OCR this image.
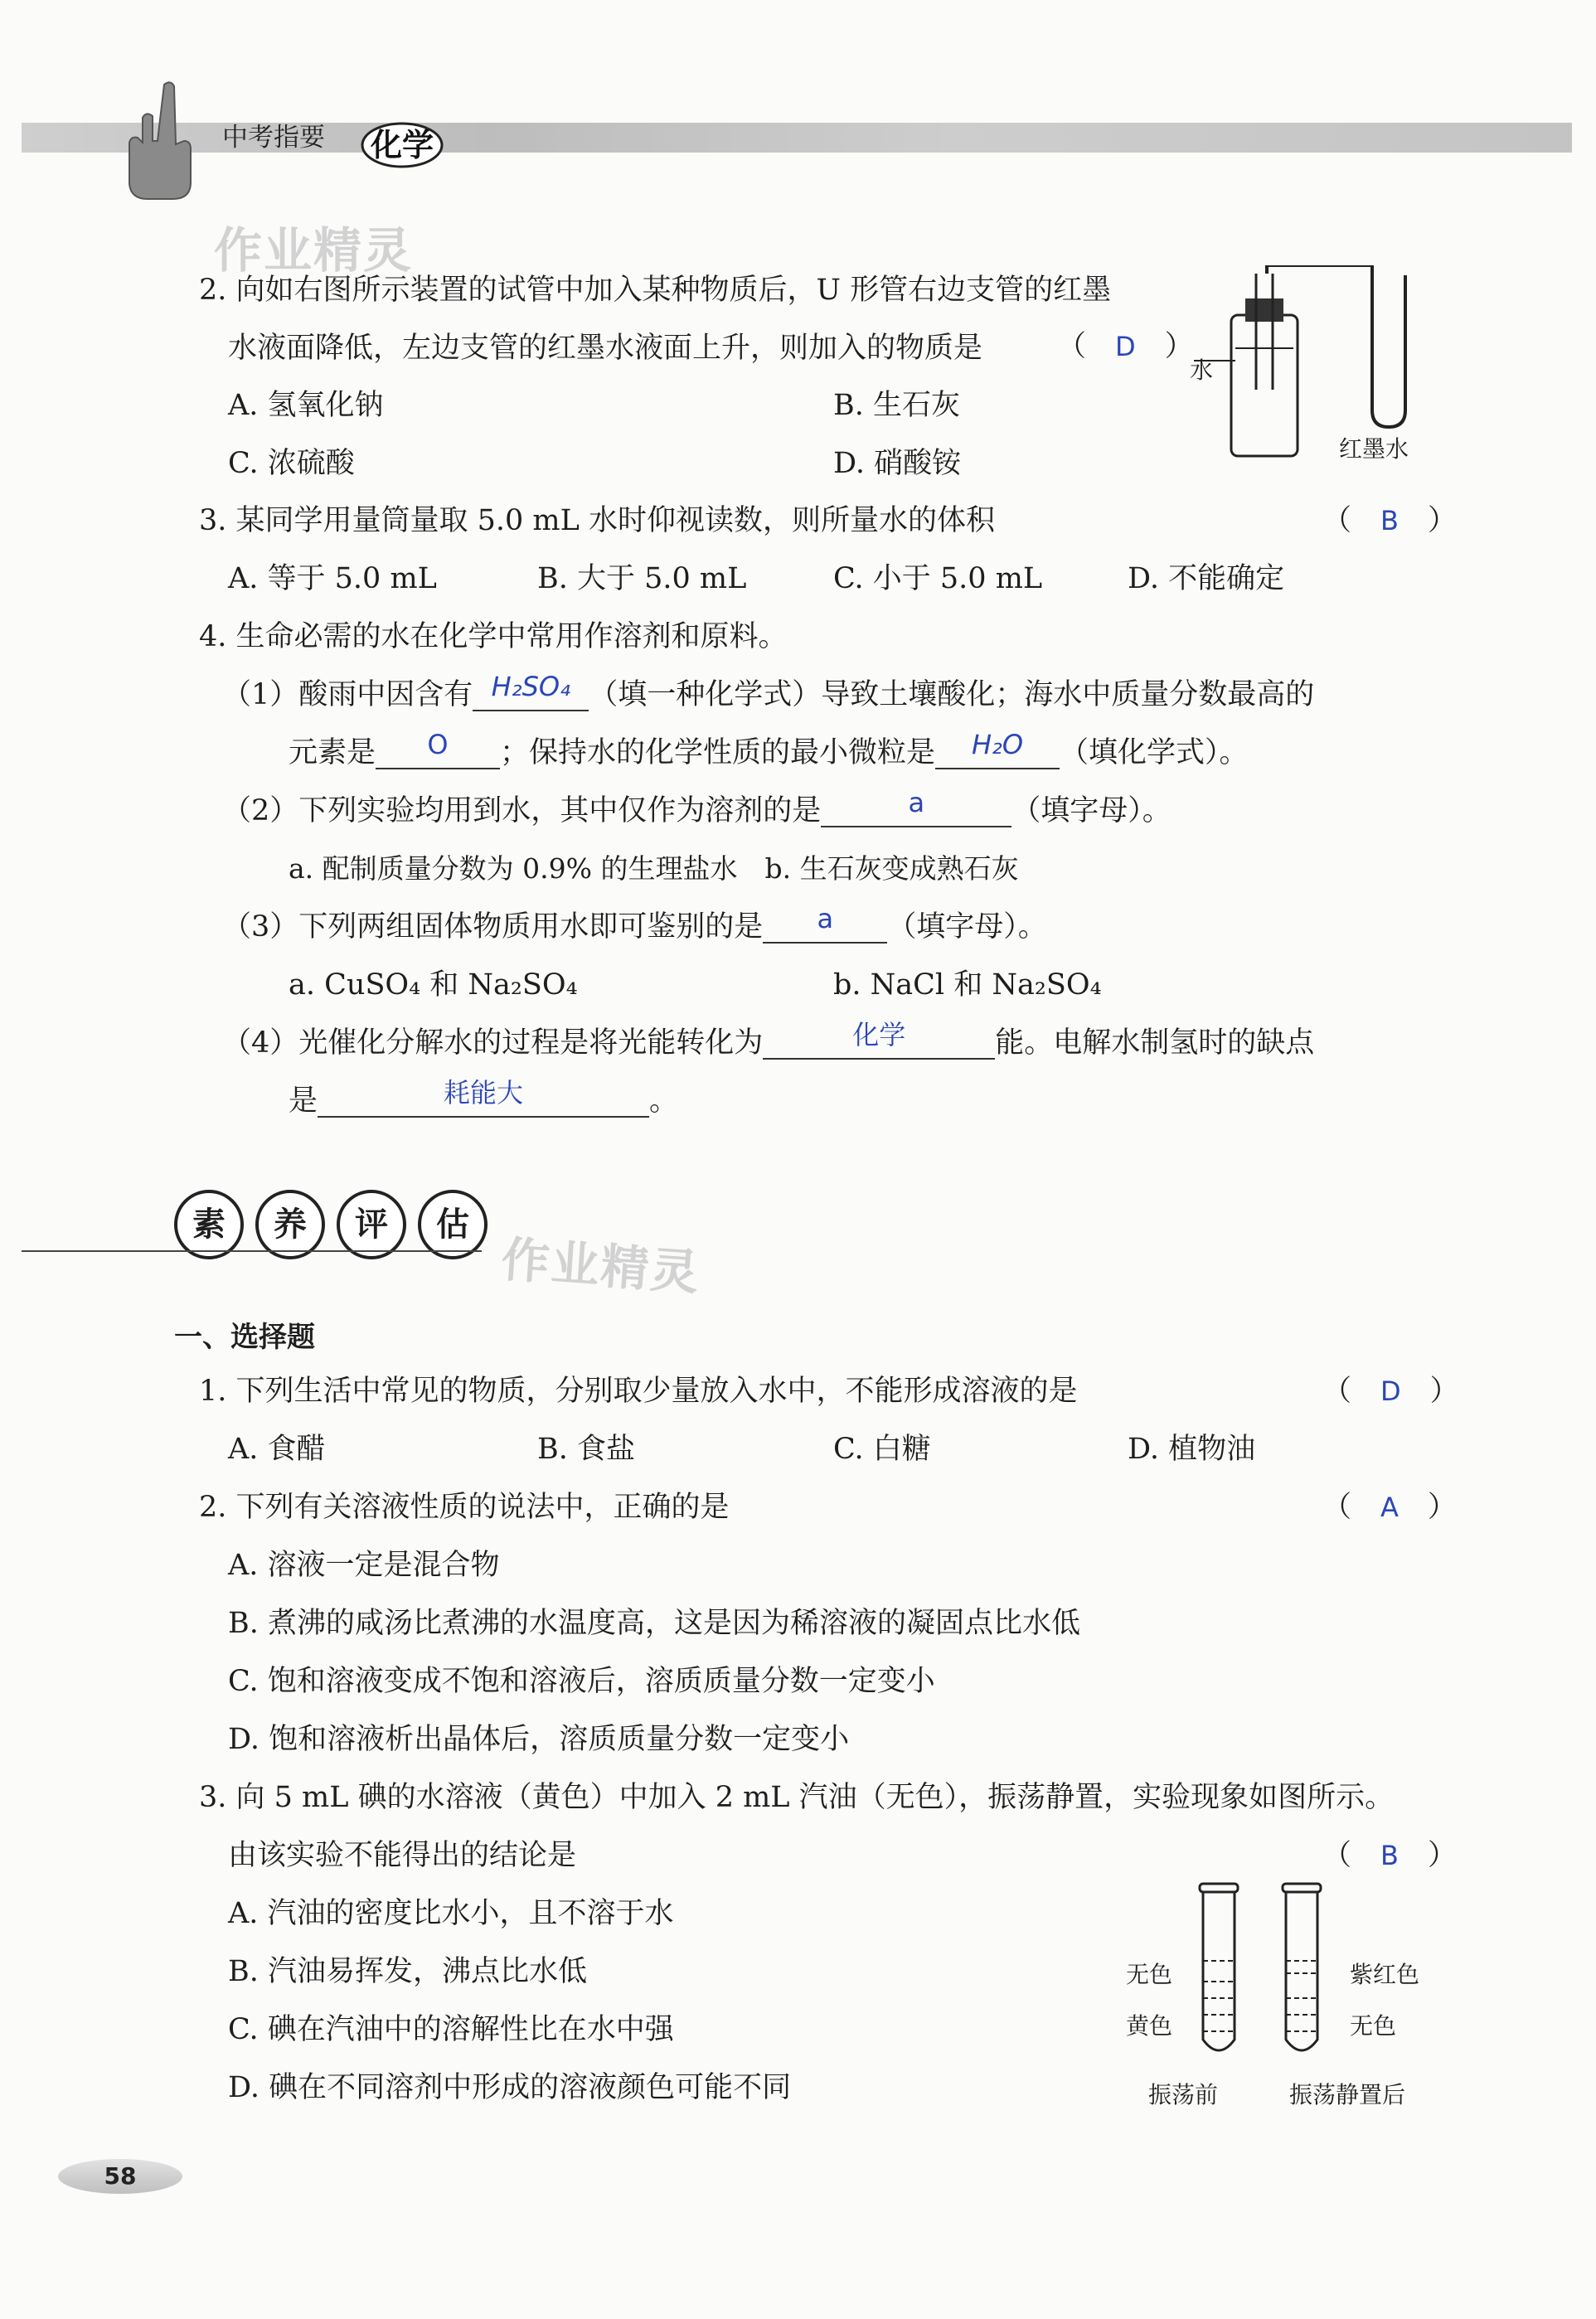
中考指要 化学
作业精灵
作业精灵
2. 向如右图所示装置的试管中加入某种物质后，U 形管右边支管的红墨
水液面降低，左边支管的红墨水液面上升，则加入的物质是	（　D　）
A. 氢氧化钠	B. 生石灰
C. 浓硫酸	D. 硝酸铵
水
红墨水
3. 某同学用量筒量取 5.0 mL 水时仰视读数，则所量水的体积	（　B　）
A. 等于 5.0 mL	B. 大于 5.0 mL	C. 小于 5.0 mL	D. 不能确定
4. 生命必需的水在化学中常用作溶剂和原料。
（1）酸雨中因含有 H₂SO₄ （填一种化学式）导致土壤酸化；海水中质量分数最高的
元素是 O ；保持水的化学性质的最小微粒是 H₂O （填化学式）。
（2）下列实验均用到水，其中仅作为溶剂的是	a	（填字母）。
a. 配制质量分数为 0.9% 的生理盐水　b. 生石灰变成熟石灰
（3）下列两组固体物质用水即可鉴别的是 a （填字母）。
a. CuSO₄ 和 Na₂SO₄	b. NaCl 和 Na₂SO₄
（4）光催化分解水的过程是将光能转化为	化学	能。电解水制氢时的缺点
是	耗能大	。
素 养 评 估
一、选择题
1. 下列生活中常见的物质，分别取少量放入水中，不能形成溶液的是	（　D　）
A. 食醋	B. 食盐	C. 白糖	D. 植物油
2. 下列有关溶液性质的说法中，正确的是	（　A　）
A. 溶液一定是混合物
B. 煮沸的咸汤比煮沸的水温度高，这是因为稀溶液的凝固点比水低
C. 饱和溶液变成不饱和溶液后，溶质质量分数一定变小
D. 饱和溶液析出晶体后，溶质质量分数一定变小
3. 向 5 mL 碘的水溶液（黄色）中加入 2 mL 汽油（无色），振荡静置，实验现象如图所示。
由该实验不能得出的结论是	（　B　）
A. 汽油的密度比水小，且不溶于水
B. 汽油易挥发，沸点比水低
C. 碘在汽油中的溶解性比在水中强
D. 碘在不同溶剂中形成的溶液颜色可能不同
无色
黄色
紫红色
无色
振荡前	振荡静置后
58
